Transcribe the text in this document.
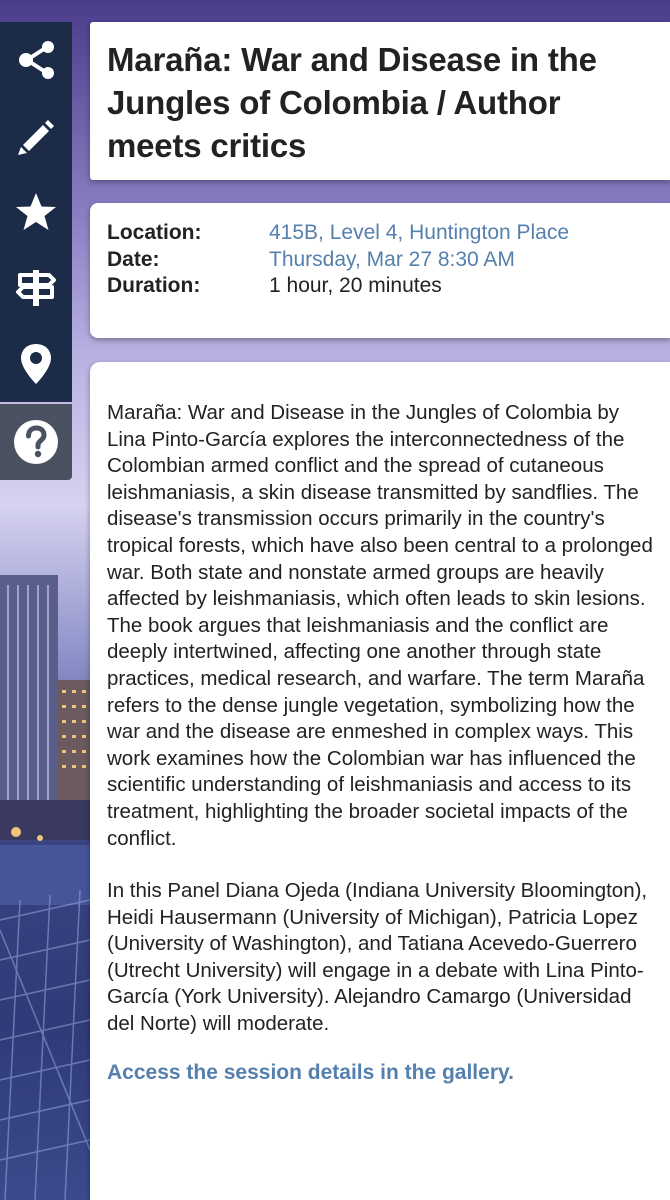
Maraña: War and Disease in the Jungles of Colombia / Author meets critics
Location:	415B, Level 4, Huntington Place
Date:	Thursday, Mar 27 8:30 AM
Duration:	1 hour, 20 minutes

Maraña: War and Disease in the Jungles of Colombia by Lina Pinto-García explores the interconnectedness of the Colombian armed conflict and the spread of cutaneous leishmaniasis, a skin disease transmitted by sandflies. The disease's transmission occurs primarily in the country's tropical forests, which have also been central to a prolonged war. Both state and nonstate armed groups are heavily affected by leishmaniasis, which often leads to skin lesions. The book argues that leishmaniasis and the conflict are deeply intertwined, affecting one another through state practices, medical research, and warfare. The term Maraña refers to the dense jungle vegetation, symbolizing how the war and the disease are enmeshed in complex ways. This work examines how the Colombian war has influenced the scientific understanding of leishmaniasis and access to its treatment, highlighting the broader societal impacts of the conflict.

In this Panel Diana Ojeda (Indiana University Bloomington), Heidi Hausermann (University of Michigan), Patricia Lopez (University of Washington), and Tatiana Acevedo-Guerrero (Utrecht University) will engage in a debate with Lina Pinto-García (York University). Alejandro Camargo (Universidad del Norte) will moderate.

Access the session details in the gallery.
